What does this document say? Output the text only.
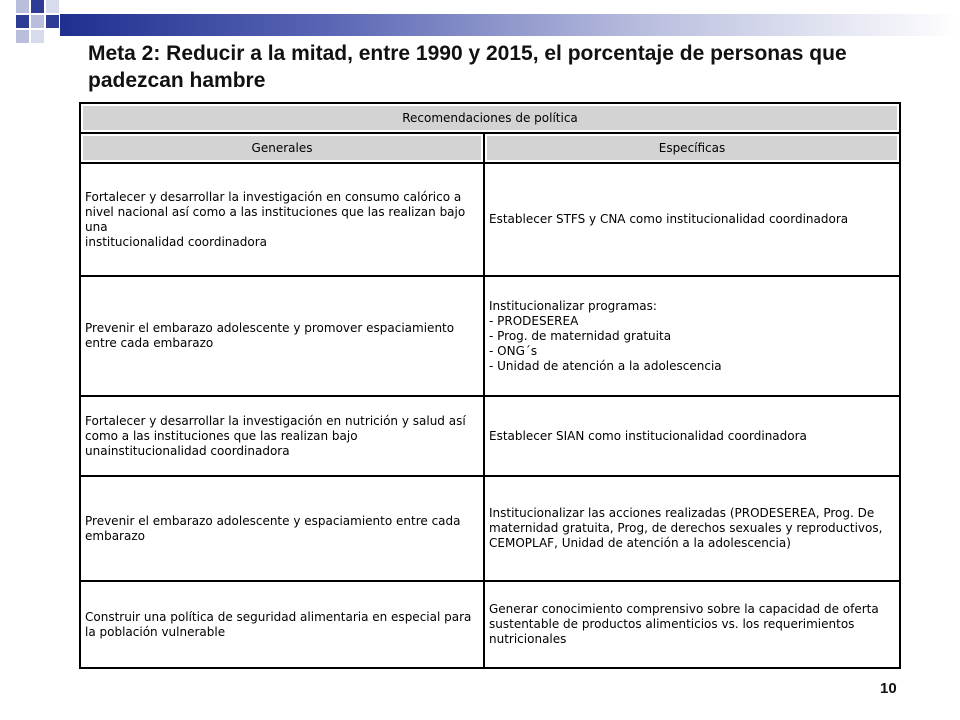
Meta 2: Reducir a la mitad, entre 1990 y 2015, el porcentaje de personas que padezcan hambre
Recomendaciones de política	
Generales	Específicas
Fortalecer y desarrollar la investigación en consumo calórico a nivel nacional así como a las instituciones que las realizan bajo una
institucionalidad coordinadora	Establecer STFS y CNA como institucionalidad coordinadora
Prevenir el embarazo adolescente y promover espaciamiento entre cada embarazo	Institucionalizar programas:
- PRODESEREA
- Prog. de maternidad gratuita
- ONG´s
- Unidad de atención a la adolescencia
Fortalecer y desarrollar la investigación en nutrición y salud así como a las instituciones que las realizan bajo unainstitucionalidad coordinadora	Establecer SIAN como institucionalidad coordinadora
Prevenir el embarazo adolescente y espaciamiento entre cada embarazo	Institucionalizar las acciones realizadas (PRODESEREA, Prog. De maternidad gratuita, Prog, de derechos sexuales y reproductivos, CEMOPLAF, Unidad de atención a la adolescencia)
Construir una política de seguridad alimentaria en especial para la población vulnerable	Generar conocimiento comprensivo sobre la capacidad de oferta sustentable de productos alimenticios vs. los requerimientos nutricionales
10
